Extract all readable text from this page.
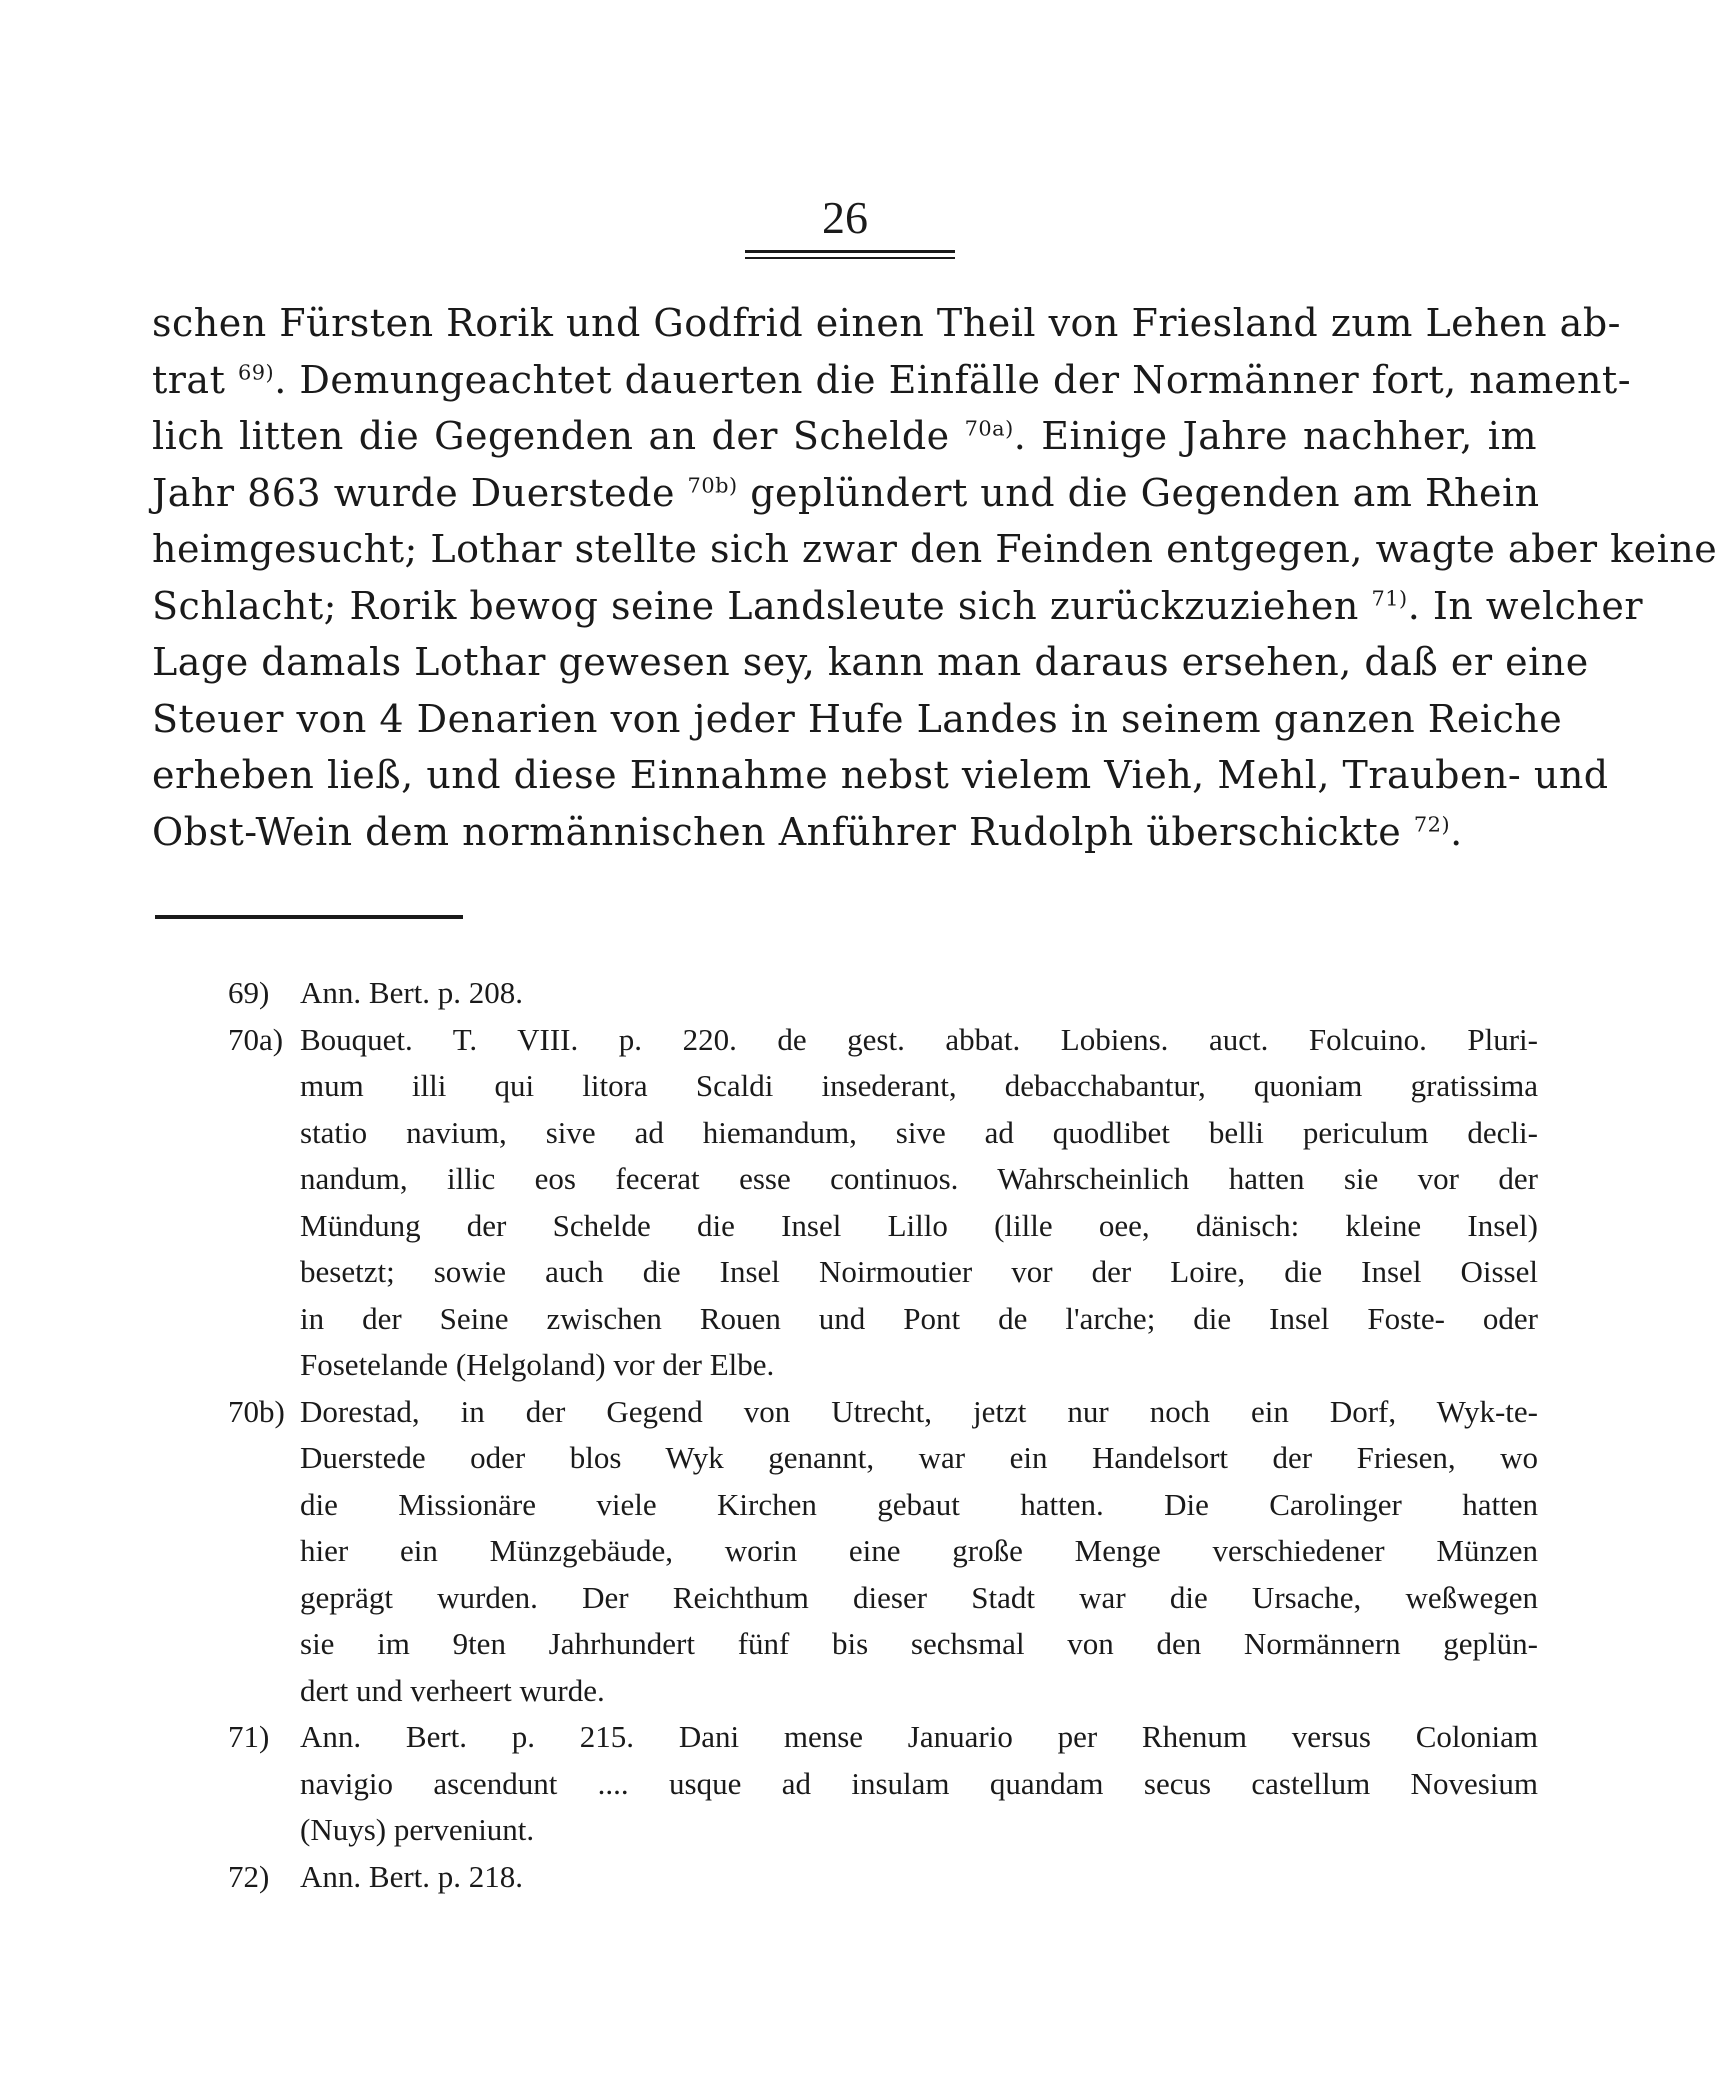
26
schen Fürsten Rorik und Godfrid einen Theil von Friesland zum Lehen ab-
trat $^{69)}$. Demungeachtet dauerten die Einfälle der Normänner fort, nament-
lich litten die Gegenden an der Schelde $^{70a)}$. Einige Jahre nachher, im
Jahr 863 wurde Duerstede $^{70b)}$ geplündert und die Gegenden am Rhein
heimgesucht; Lothar stellte sich zwar den Feinden entgegen, wagte aber keine
Schlacht; Rorik bewog seine Landsleute sich zurückzuziehen $^{71)}$. In welcher
Lage damals Lothar gewesen sey, kann man daraus ersehen, daß er eine
Steuer von 4 Denarien von jeder Hufe Landes in seinem ganzen Reiche
erheben ließ, und diese Einnahme nebst vielem Vieh, Mehl, Trauben- und
Obst-Wein dem normännischen Anführer Rudolph überschickte $^{72)}$.
69) Ann. Bert. p. 208.
70a) Bouquet. T. VIII. p. 220. de gest. abbat. Lobiens. auct. Folcuino. Pluri-
mum illi qui litora Scaldi insederant, debacchabantur, quoniam gratissima
statio navium, sive ad hiemandum, sive ad quodlibet belli periculum decli-
nandum, illic eos fecerat esse continuos. Wahrscheinlich hatten sie vor der
Mündung der Schelde die Insel Lillo (lille oee, dänisch: kleine Insel)
besetzt; sowie auch die Insel Noirmoutier vor der Loire, die Insel Oissel
in der Seine zwischen Rouen und Pont de l'arche; die Insel Foste- oder
Fosetelande (Helgoland) vor der Elbe.
70b) Dorestad, in der Gegend von Utrecht, jetzt nur noch ein Dorf, Wyk-te-
Duerstede oder blos Wyk genannt, war ein Handelsort der Friesen, wo
die Missionäre viele Kirchen gebaut hatten. Die Carolinger hatten
hier ein Münzgebäude, worin eine große Menge verschiedener Münzen
geprägt wurden. Der Reichthum dieser Stadt war die Ursache, weßwegen
sie im 9ten Jahrhundert fünf bis sechsmal von den Normännern geplün-
dert und verheert wurde.
71) Ann. Bert. p. 215. Dani mense Januario per Rhenum versus Coloniam
navigio ascendunt .... usque ad insulam quandam secus castellum Novesium
(Nuys) perveniunt.
72) Ann. Bert. p. 218.
